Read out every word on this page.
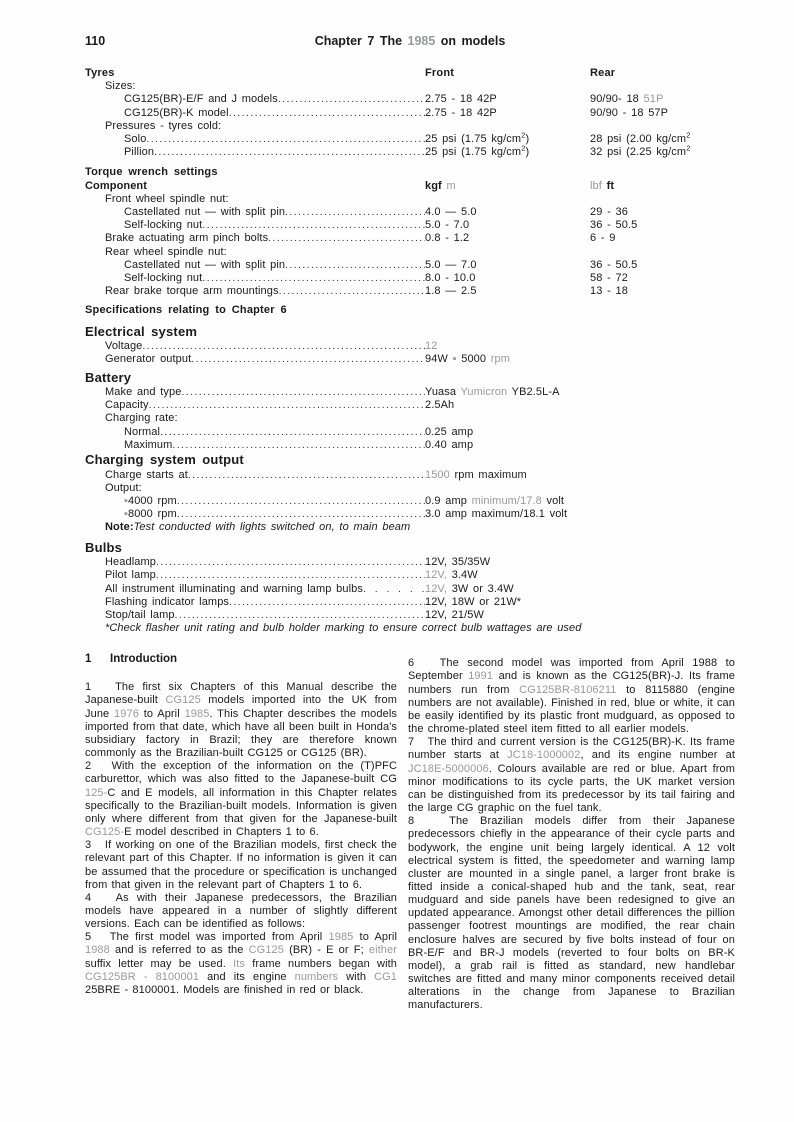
110	Chapter 7 The 1985 on models
Tyres	Front	Rear
Sizes:
CG125(BR)-E/F and J models .....	2.75 - 18 42P	90/90- 18 51P
CG125(BR)-K model .....	2.75 - 18 42P	90/90 - 18 57P
Pressures - tyres cold:
Solo .....	25 psi (1.75 $kg/cm^2$)	28 psi (2.00 $kg/cm^2$
Pillion .....	25 psi (1.75 $kg/cm^2$)	32 psi (2.25 $kg/cm^2$
Torque wrench settings
Component	kgf m	lbf ft
Front wheel spindle nut:
Castellated nut — with split pin .....	4.0 — 5.0	29 - 36
Self-locking nut .....	5.0 - 7.0	36 - 50.5
Brake actuating arm pinch bolts .....	0.8 - 1.2	6 - 9
Rear wheel spindle nut:
Castellated nut — with split pin .....	5.0 — 7.0	36 - 50.5
Self-locking nut .....	8.0 - 10.0	58 - 72
Rear brake torque arm mountings .....	1.8 — 2.5	13 - 18
Specifications relating to Chapter 6
Electrical system
Voltage .....	12
Generator output .....	94W ▪ 5000 rpm
Battery
Make and type .....	Yuasa Yumicron YB2.5L-A
Capacity .....	2.5Ah
Charging rate:
Normal .....	0.25 amp
Maximum .....	0.40 amp
Charging system output
Charge starts at .....	1500 rpm maximum
Output:
▪ 4000 rpm .....	0.9 amp minimum/17.8 volt
▪ 8000 rpm .....	3.0 amp maximum/18.1 volt
Note: Test conducted with lights switched on, to main beam
Bulbs
Headlamp .....	12V, 35/35W
Pilot lamp .....	12V, 3.4W
All instrument illuminating and warning lamp bulbs . . .	12V, 3W or 3.4W
Flashing indicator lamps .....	12V, 18W or 21W*
Stop/tail lamp .....	12V, 21/5W
*Check flasher unit rating and bulb holder marking to ensure correct bulb wattages are used
1 Introduction

1   The first six Chapters of this Manual describe the Japanese-built CG125 models imported into the UK from June 1976 to April 1985. This Chapter describes the models imported from that date, which have all been built in Honda's subsidiary factory in Brazil; they are therefore known commonly as the Brazilian-built CG125 or CG125 (BR).

2   With the exception of the information on the (T)PFC carburettor, which was also fitted to the Japanese-built CG 125-C and E models, all information in this Chapter relates specifically to the Brazilian-built models. Information is given only where different from that given for the Japanese-built CG125-E model described in Chapters 1 to 6.

3   If working on one of the Brazilian models, first check the relevant part of this Chapter. If no information is given it can be assumed that the procedure or specification is unchanged from that given in the relevant part of Chapters 1 to 6.

4   As with their Japanese predecessors, the Brazilian models have appeared in a number of slightly different versions. Each can be identified as follows:

5   The first model was imported from April 1985 to April 1988 and is referred to as the CG125 (BR) - E or F; either suffix letter may be used. Its frame numbers began with CG125BR - 8100001 and its engine numbers with CG1 25BRE - 8100001. Models are finished in red or black.

6   The second model was imported from April 1988 to September 1991 and is known as the CG125(BR)-J. Its frame numbers run from CG125BR-8106211 to 8115880 (engine numbers are not available). Finished in red, blue or white, it can be easily identified by its plastic front mudguard, as opposed to the chrome-plated steel item fitted to all earlier models.

7   The third and current version is the CG125(BR)-K. Its frame number starts at JC18-1000002, and its engine number at JC18E-5000006. Colours available are red or blue. Apart from minor modifications to its cycle parts, the UK market version can be distinguished from its predecessor by its tail fairing and the large CG graphic on the fuel tank.

8   The Brazilian models differ from their Japanese predecessors chiefly in the appearance of their cycle parts and bodywork, the engine unit being largely identical. A 12 volt electrical system is fitted, the speedometer and warning lamp cluster are mounted in a single panel, a larger front brake is fitted inside a conical-shaped hub and the tank, seat, rear mudguard and side panels have been redesigned to give an updated appearance. Amongst other detail differences the pillion passenger footrest mountings are modified, the rear chain enclosure halves are secured by five bolts instead of four on BR-E/F and BR-J models (reverted to four bolts on BR-K model), a grab rail is fitted as standard, new handlebar switches are fitted and many minor components received detail alterations in the change from Japanese to Brazilian manufacturers.
